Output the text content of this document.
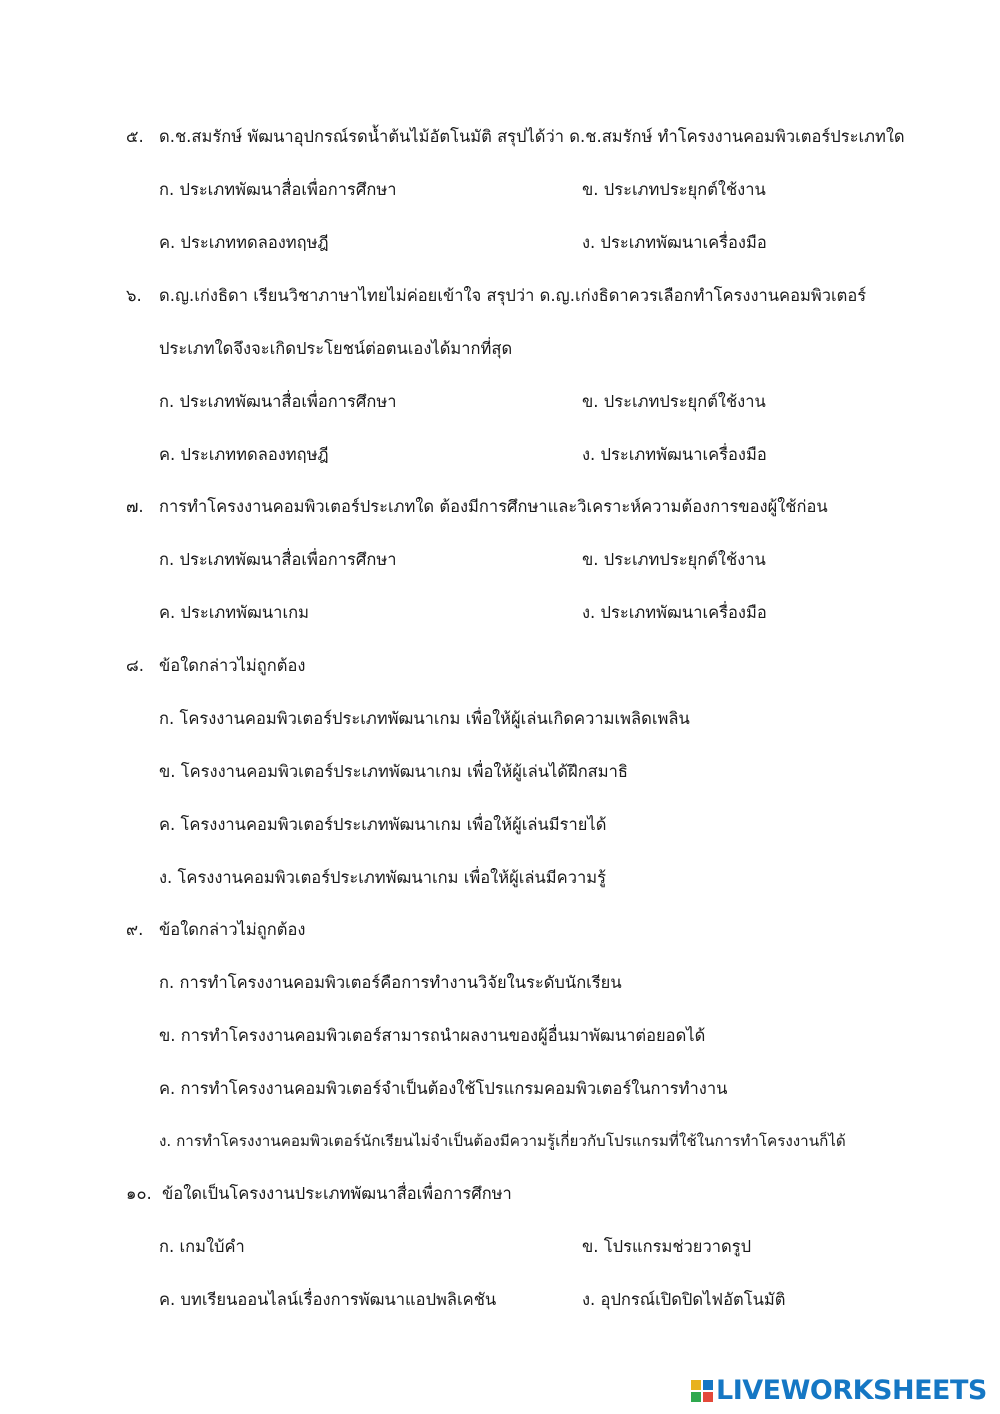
๕. ด.ช.สมรักษ์ พัฒนาอุปกรณ์รดน้ำต้นไม้อัตโนมัติ สรุปได้ว่า ด.ช.สมรักษ์ ทำโครงงานคอมพิวเตอร์ประเภทใด

ก. ประเภทพัฒนาสื่อเพื่อการศึกษา	ข. ประเภทประยุกต์ใช้งาน

ค. ประเภททดลองทฤษฎี	ง. ประเภทพัฒนาเครื่องมือ

๖. ด.ญ.เก่งธิดา เรียนวิชาภาษาไทยไม่ค่อยเข้าใจ สรุปว่า ด.ญ.เก่งธิดาควรเลือกทำโครงงานคอมพิวเตอร์

ประเภทใดจึงจะเกิดประโยชน์ต่อตนเองได้มากที่สุด

ก. ประเภทพัฒนาสื่อเพื่อการศึกษา	ข. ประเภทประยุกต์ใช้งาน

ค. ประเภททดลองทฤษฎี	ง. ประเภทพัฒนาเครื่องมือ

๗. การทำโครงงานคอมพิวเตอร์ประเภทใด ต้องมีการศึกษาและวิเคราะห์ความต้องการของผู้ใช้ก่อน

ก. ประเภทพัฒนาสื่อเพื่อการศึกษา	ข. ประเภทประยุกต์ใช้งาน

ค. ประเภทพัฒนาเกม	ง. ประเภทพัฒนาเครื่องมือ

๘. ข้อใดกล่าวไม่ถูกต้อง

ก. โครงงานคอมพิวเตอร์ประเภทพัฒนาเกม เพื่อให้ผู้เล่นเกิดความเพลิดเพลิน

ข. โครงงานคอมพิวเตอร์ประเภทพัฒนาเกม เพื่อให้ผู้เล่นได้ฝึกสมาธิ

ค. โครงงานคอมพิวเตอร์ประเภทพัฒนาเกม เพื่อให้ผู้เล่นมีรายได้

ง. โครงงานคอมพิวเตอร์ประเภทพัฒนาเกม เพื่อให้ผู้เล่นมีความรู้

๙. ข้อใดกล่าวไม่ถูกต้อง

ก. การทำโครงงานคอมพิวเตอร์คือการทำงานวิจัยในระดับนักเรียน

ข. การทำโครงงานคอมพิวเตอร์สามารถนำผลงานของผู้อื่นมาพัฒนาต่อยอดได้

ค. การทำโครงงานคอมพิวเตอร์จำเป็นต้องใช้โปรแกรมคอมพิวเตอร์ในการทำงาน

ง. การทำโครงงานคอมพิวเตอร์นักเรียนไม่จำเป็นต้องมีความรู้เกี่ยวกับโปรแกรมที่ใช้ในการทำโครงงานก็ได้

๑๐. ข้อใดเป็นโครงงานประเภทพัฒนาสื่อเพื่อการศึกษา

ก. เกมใบ้คำ	ข. โปรแกรมช่วยวาดรูป

ค. บทเรียนออนไลน์เรื่องการพัฒนาแอปพลิเคชัน	ง. อุปกรณ์เปิดปิดไฟอัตโนมัติ

LIVEWORKSHEETS
